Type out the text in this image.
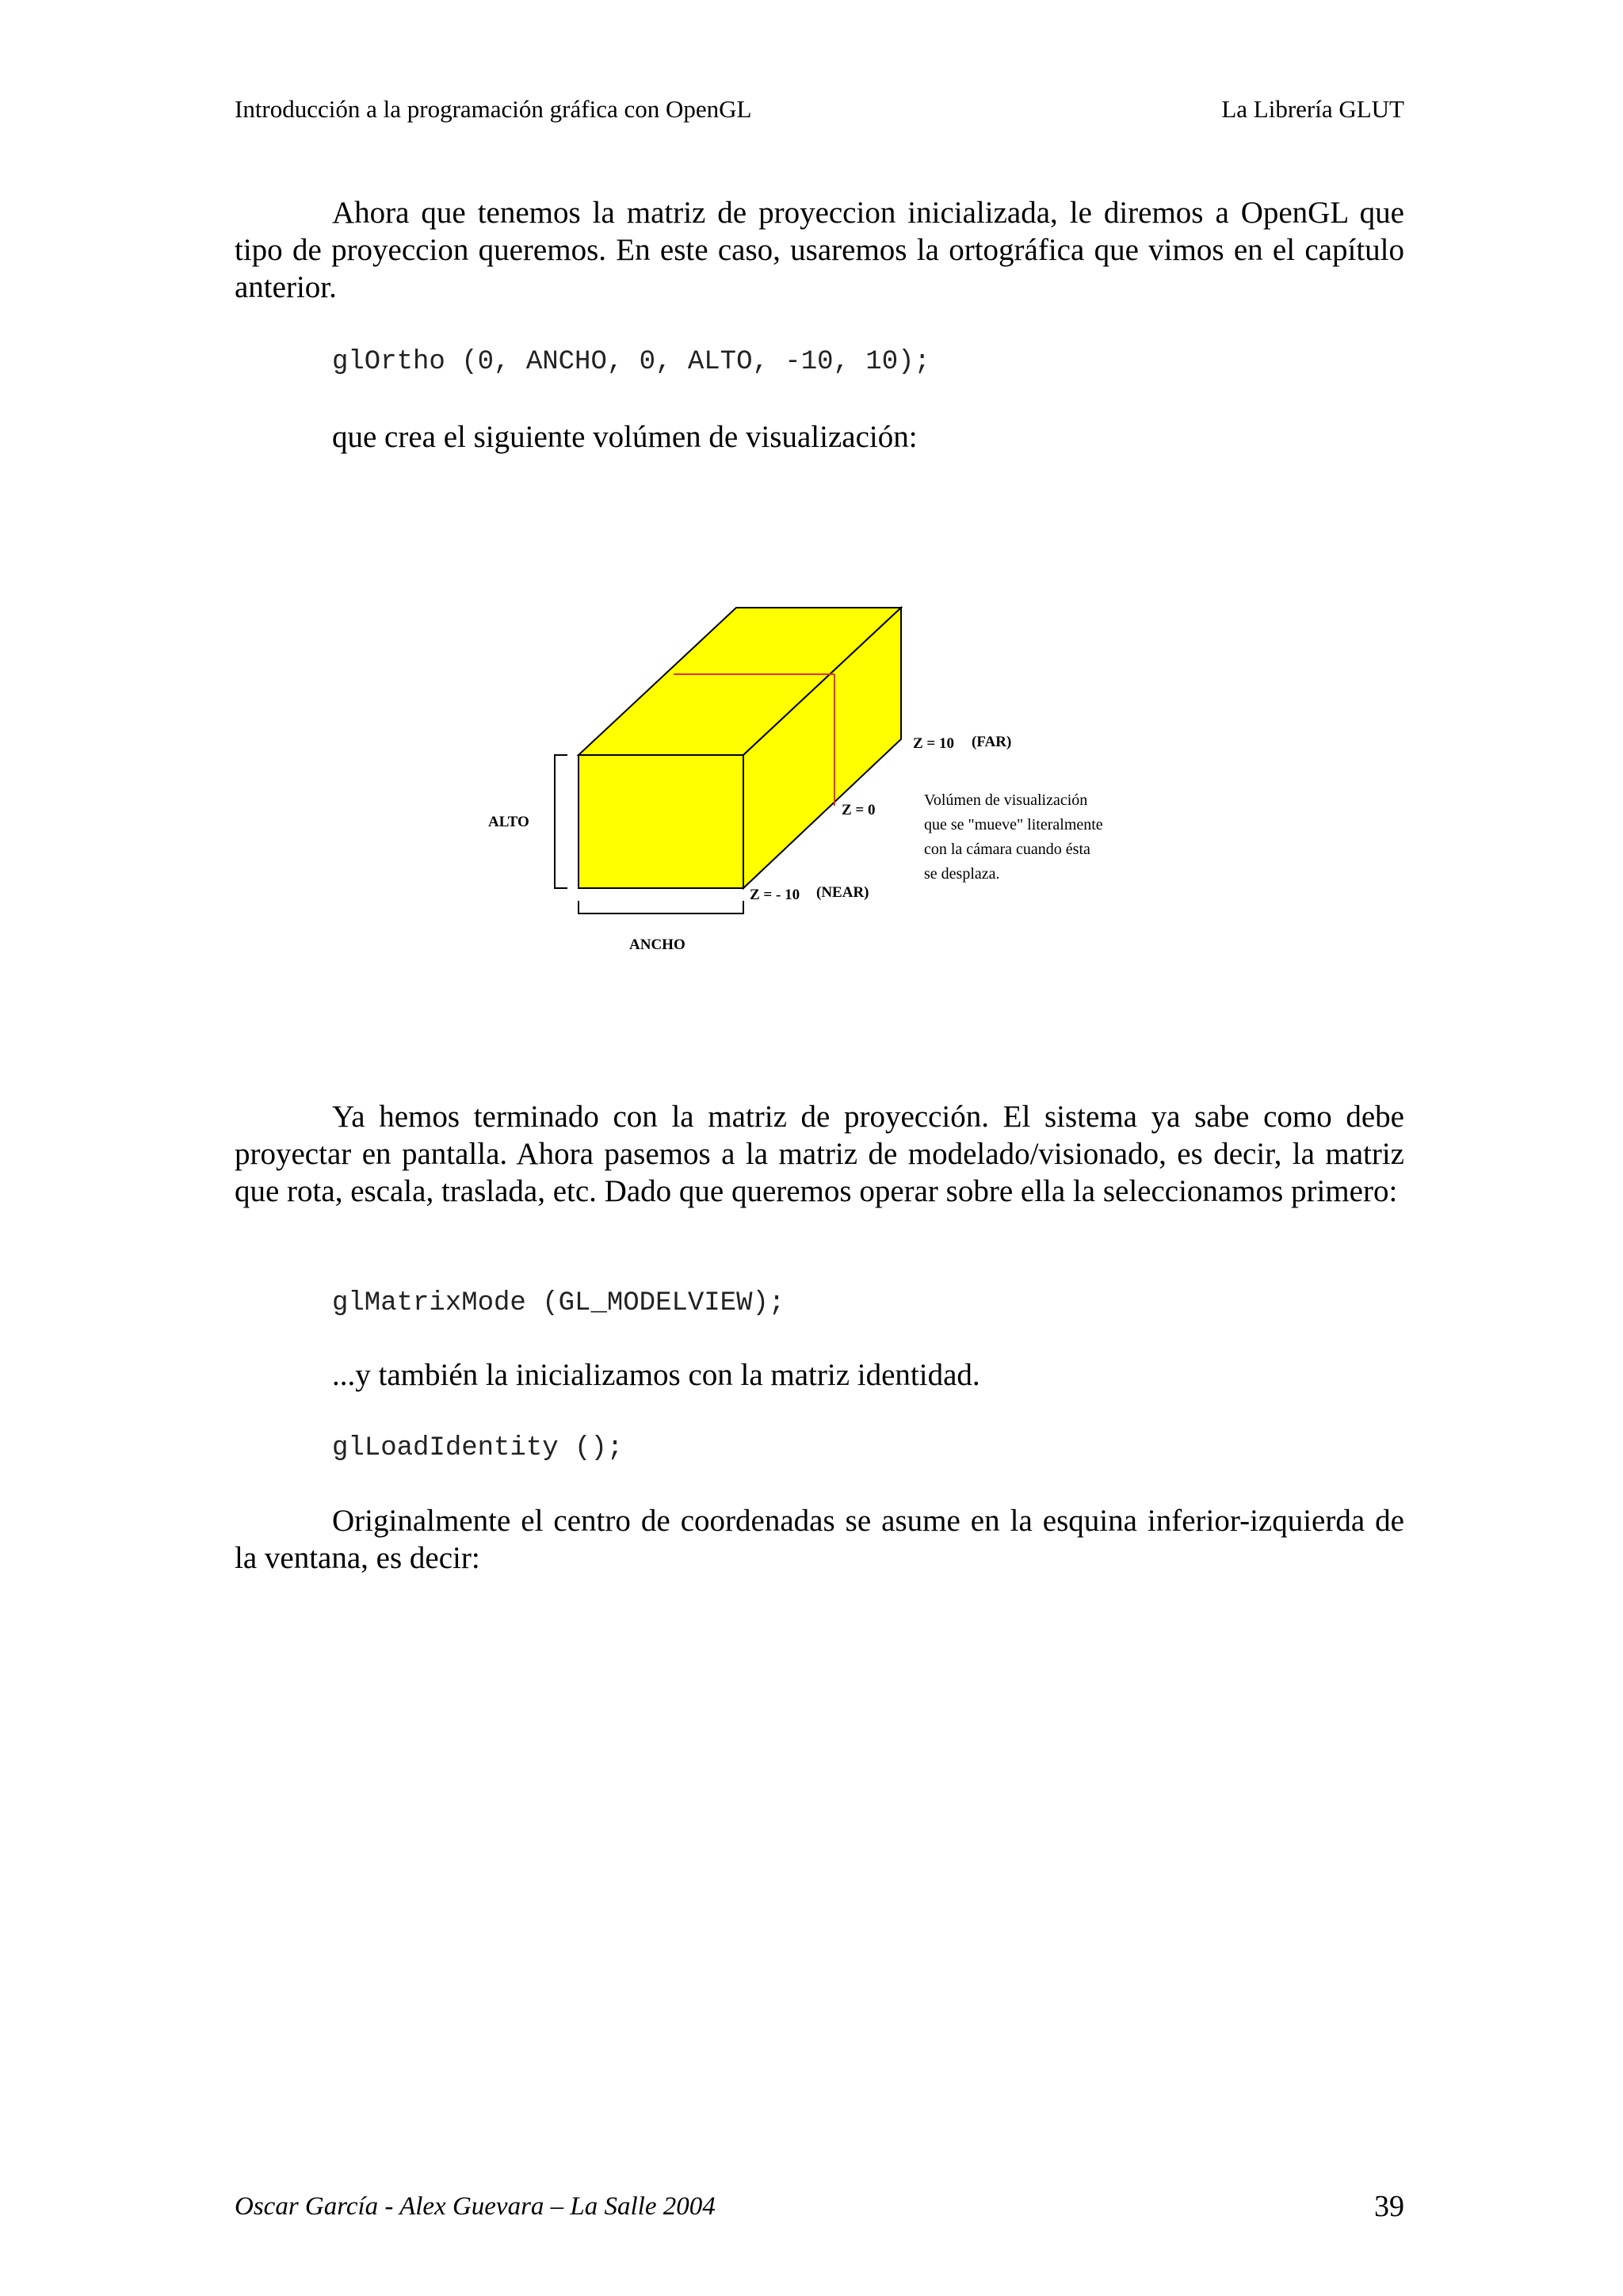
Introducción a la programación gráfica con OpenGL	La Librería GLUT

Ahora que tenemos la matriz de proyeccion inicializada, le diremos a OpenGL que tipo de proyeccion queremos. En este caso, usaremos la ortográfica que vimos en el capítulo anterior.

glOrtho (0, ANCHO, 0, ALTO, -10, 10);

que crea el siguiente volúmen de visualización:

ALTO
ANCHO
Z = 10 (FAR)
Z = 0
Z = - 10 (NEAR)
Volúmen de visualización
que se "mueve" literalmente
con la cámara cuando ésta
se desplaza.

Ya hemos terminado con la matriz de proyección. El sistema ya sabe como debe proyectar en pantalla. Ahora pasemos a la matriz de modelado/visionado, es decir, la matriz que rota, escala, traslada, etc. Dado que queremos operar sobre ella la seleccionamos primero:

glMatrixMode (GL_MODELVIEW);

...y también la inicializamos con la matriz identidad.

glLoadIdentity ();

Originalmente el centro de coordenadas se asume en la esquina inferior-izquierda de la ventana, es decir:

Oscar García - Alex Guevara – La Salle 2004	39
